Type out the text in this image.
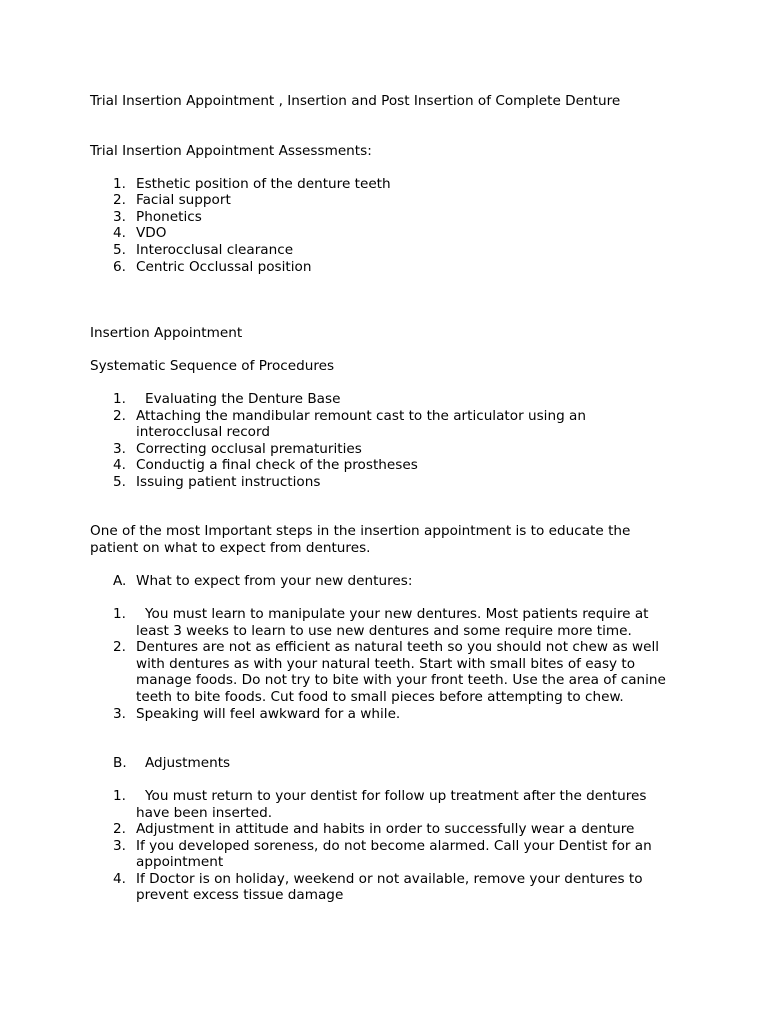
Trial Insertion Appointment , Insertion and Post Insertion of Complete Denture

Trial Insertion Appointment Assessments:

1. Esthetic position of the denture teeth

2. Facial support

3. Phonetics

4. VDO

5. Interocclusal clearance

6. Centric Occlussal position

Insertion Appointment

Systematic Sequence of Procedures

1. Evaluating the Denture Base

2. Attaching the mandibular remount cast to the articulator using an

interocclusal record

3. Correcting occlusal prematurities

4. Conductig a final check of the prostheses

5. Issuing patient instructions

One of the most Important steps in the insertion appointment is to educate the

patient on what to expect from dentures.

A. What to expect from your new dentures:

1. You must learn to manipulate your new dentures. Most patients require at

least 3 weeks to learn to use new dentures and some require more time.

2. Dentures are not as efficient as natural teeth so you should not chew as well

with dentures as with your natural teeth. Start with small bites of easy to

manage foods. Do not try to bite with your front teeth. Use the area of canine

teeth to bite foods. Cut food to small pieces before attempting to chew.

3. Speaking will feel awkward for a while.

B. Adjustments

1. You must return to your dentist for follow up treatment after the dentures

have been inserted.

2. Adjustment in attitude and habits in order to successfully wear a denture

3. If you developed soreness, do not become alarmed. Call your Dentist for an

appointment

4. If Doctor is on holiday, weekend or not available, remove your dentures to

prevent excess tissue damage
